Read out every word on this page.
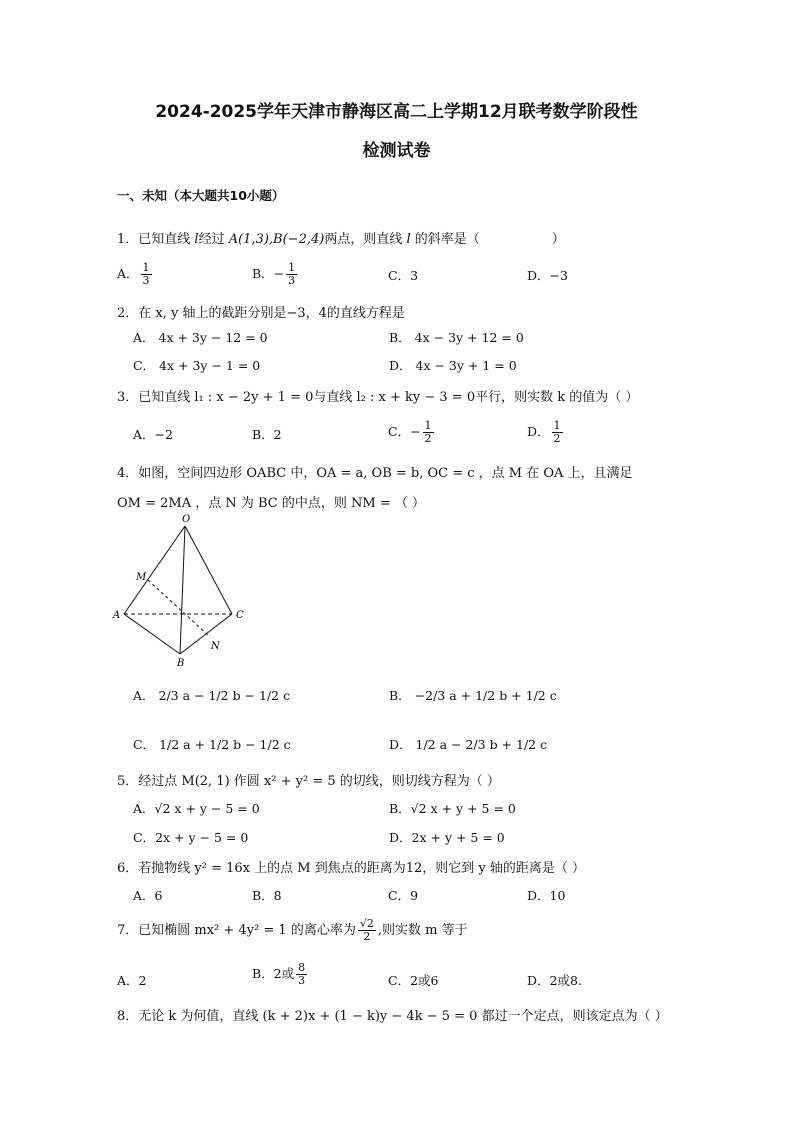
2024-2025学年天津市静海区高二上学期12月联考数学阶段性
检测试卷
一、未知（本大题共10小题）
1．已知直线 l经过 A(1,3),B(−2,4)两点，则直线 l 的斜率是（	）
A． $\frac{1}{3}$	B．− $\frac{1}{3}$	C．3	D．−3
2．在 x, y 轴上的截距分别是−3，4的直线方程是
A． 4x + 3y − 12 = 0	B． 4x − 3y + 12 = 0
C． 4x + 3y − 1 = 0	D． 4x − 3y + 1 = 0
3．已知直线 l₁ : x − 2y + 1 = 0与直线 l₂ : x + ky − 3 = 0平行，则实数 k 的值为（ ）
A．−2	B．2	C．− $\frac{1}{2}$	D． $\frac{1}{2}$
4．如图，空间四边形 OABC 中，OA = a, OB = b, OC = c ，点 M 在 OA 上，且满足
OM = 2MA ，点 N 为 BC 的中点，则 NM = （ ）
O
M
A	C
N
B
A． 2/3 a − 1/2 b − 1/2 c	B． −2/3 a + 1/2 b + 1/2 c
C． 1/2 a + 1/2 b − 1/2 c	D． 1/2 a − 2/3 b + 1/2 c
5．经过点 M(2, 1) 作圆 x² + y² = 5 的切线，则切线方程为（ ）
A．√2 x + y − 5 = 0	B．√2 x + y + 5 = 0
C．2x + y − 5 = 0	D．2x + y + 5 = 0
6．若抛物线 y² = 16x 上的点 M 到焦点的距离为12，则它到 y 轴的距离是（ ）
A．6	B．8	C．9	D．10
7．已知椭圆 mx² + 4y² = 1 的离心率为 $\frac{√2}{2}$ ,则实数 m 等于
A．2	B．2或 $\frac{8}{3}$	C．2或6	D．2或8.
8．无论 k 为何值，直线 (k + 2)x + (1 − k)y − 4k − 5 = 0 都过一个定点，则该定点为（ ）
